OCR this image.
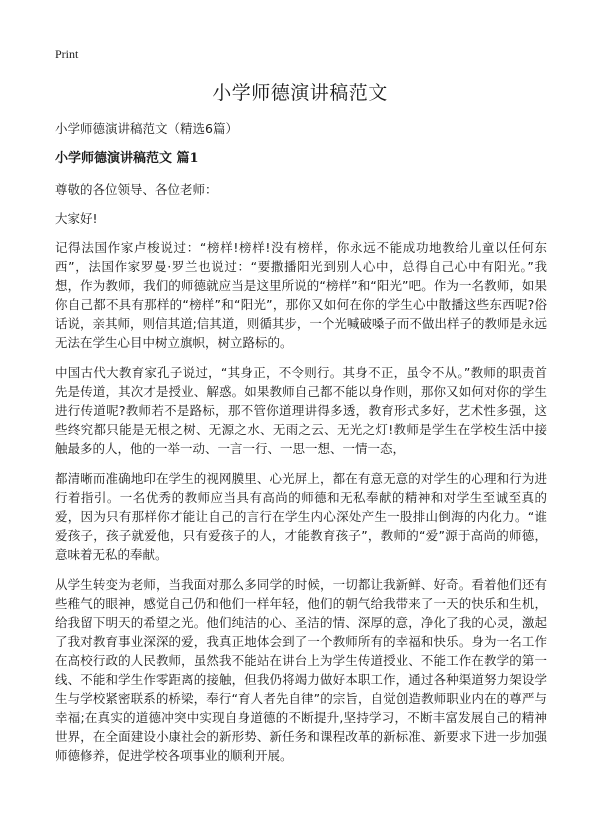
Print

小学师德演讲稿范文

小学师德演讲稿范文（精选6篇）

小学师德演讲稿范文 篇1

尊敬的各位领导、各位老师：

大家好!

记得法国作家卢梭说过：“榜样!榜样!没有榜样，你永远不能成功地教给儿童以任何东西”，法国作家罗曼·罗兰也说过：“要撒播阳光到别人心中，总得自己心中有阳光。”我想，作为教师，我们的师德就应当是这里所说的“榜样”和“阳光”吧。作为一名教师，如果你自己都不具有那样的“榜样”和“阳光”，那你又如何在你的学生心中散播这些东西呢?俗话说，亲其师，则信其道;信其道，则循其步，一个光喊破嗓子而不做出样子的教师是永远无法在学生心目中树立旗帜，树立路标的。

中国古代大教育家孔子说过，“其身正，不令则行。其身不正，虽令不从。”教师的职责首先是传道，其次才是授业、解惑。如果教师自己都不能以身作则，那你又如何对你的学生进行传道呢?教师若不是路标，那不管你道理讲得多透，教育形式多好，艺术性多强，这些终究都只能是无根之树、无源之水、无雨之云、无光之灯!教师是学生在学校生活中接触最多的人，他的一举一动、一言一行、一思一想、一情一态，

都清晰而准确地印在学生的视网膜里、心光屏上，都在有意无意的对学生的心理和行为进行着指引。一名优秀的教师应当具有高尚的师德和无私奉献的精神和对学生至诚至真的爱，因为只有那样你才能让自己的言行在学生内心深处产生一股排山倒海的内化力。“谁爱孩子，孩子就爱他，只有爱孩子的人，才能教育孩子”，教师的“爱”源于高尚的师德，意味着无私的奉献。

从学生转变为老师，当我面对那么多同学的时候，一切都让我新鲜、好奇。看着他们还有些稚气的眼神，感觉自己仍和他们一样年轻，他们的朝气给我带来了一天的快乐和生机，给我留下明天的希望之光。他们纯洁的心、圣洁的情、深厚的意，净化了我的心灵，激起了我对教育事业深深的爱，我真正地体会到了一个教师所有的幸福和快乐。身为一名工作在高校行政的人民教师，虽然我不能站在讲台上为学生传道授业、不能工作在教学的第一线、不能和学生作零距离的接触，但我仍将竭力做好本职工作，通过各种渠道努力架设学生与学校紧密联系的桥梁，奉行“育人者先自律”的宗旨，自觉创造教师职业内在的尊严与幸福;在真实的道德冲突中实现自身道德的不断提升,坚持学习，不断丰富发展自己的精神世界，在全面建设小康社会的新形势、新任务和课程改革的新标准、新要求下进一步加强师德修养，促进学校各项事业的顺利开展。
